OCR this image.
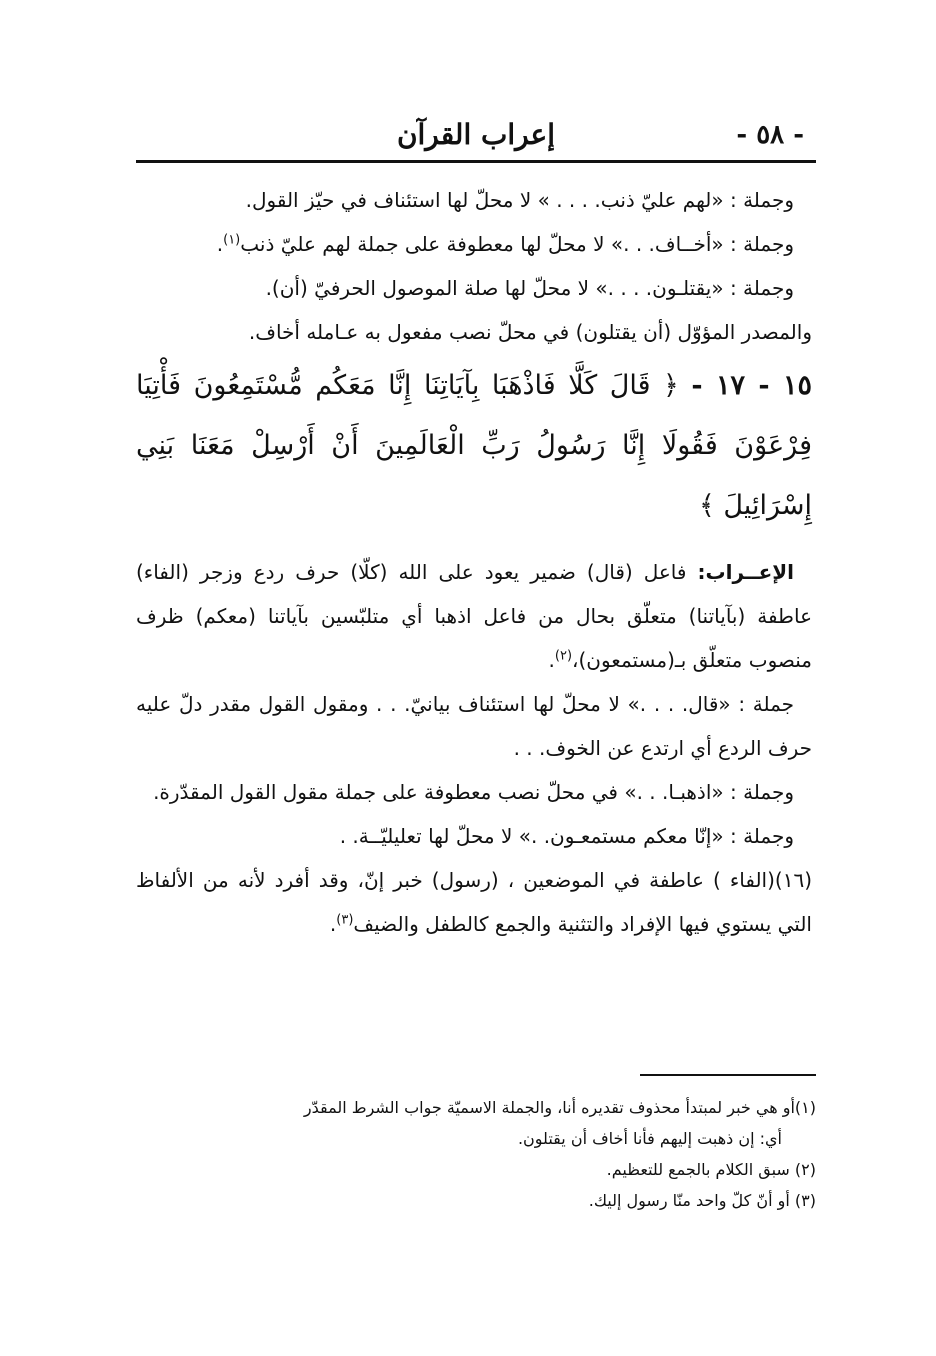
- ٥٨ -
إعراب القرآن

وجملة : «لهم عليّ ذنب. . . . » لا محلّ لها استئناف في حيّز القول.

وجملة : «أخــاف. . .» لا محلّ لها معطوفة على جملة لهم عليّ ذنب$^{(١)}$.

وجملة : «يقتلـون. . . .» لا محلّ لها صلة الموصول الحرفيّ (أن).

والمصدر المؤوّل (أن يقتلون) في محلّ نصب مفعول به عـامله أخاف.

١٥ - ١٧ - ﴿ قَالَ كَلَّا فَاذْهَبَا بِآيَاتِنَا إِنَّا مَعَكُم مُّسْتَمِعُونَ فَأْتِيَا فِرْعَوْنَ فَقُولَا إِنَّا رَسُولُ رَبِّ الْعَالَمِينَ أَنْ أَرْسِلْ مَعَنَا بَنِي إِسْرَائِيلَ ﴾

الإعــراب: فاعل (قال) ضمير يعود على الله (كلّا) حرف ردع وزجر (الفاء) عاطفة (بآياتنا) متعلّق بحال من فاعل اذهبا أي متلبّسين بآياتنا (معكم) ظرف منصوب متعلّق بـ(مستمعون)،$^{(٢)}$.

جملة : «قال. . . .» لا محلّ لها استئناف بيانيّ. . . ومقول القول مقدر دلّ عليه حرف الردع أي ارتدع عن الخوف. . .

وجملة : «اذهبـا. . .» في محلّ نصب معطوفة على جملة مقول القول المقدّرة.

وجملة : «إنّا معكم مستمعـون. .» لا محلّ لها تعليليّــة. .

(١٦)(الفاء ) عاطفة في الموضعين ، (رسول) خبر إنّ، وقد أفرد لأنه من الألفاظ التي يستوي فيها الإفراد والتثنية والجمع كالطفل والضيف$^{(٣)}$.

(١)أو هي خبر لمبتدأ محذوف تقديره أنا، والجملة الاسميّة جواب الشرط المقدّر

أي: إن ذهبت إليهم فأنا أخاف أن يقتلون.

(٢) سبق الكلام بالجمع للتعظيم.

(٣) أو أنّ كلّ واحد منّا رسول إليك.
